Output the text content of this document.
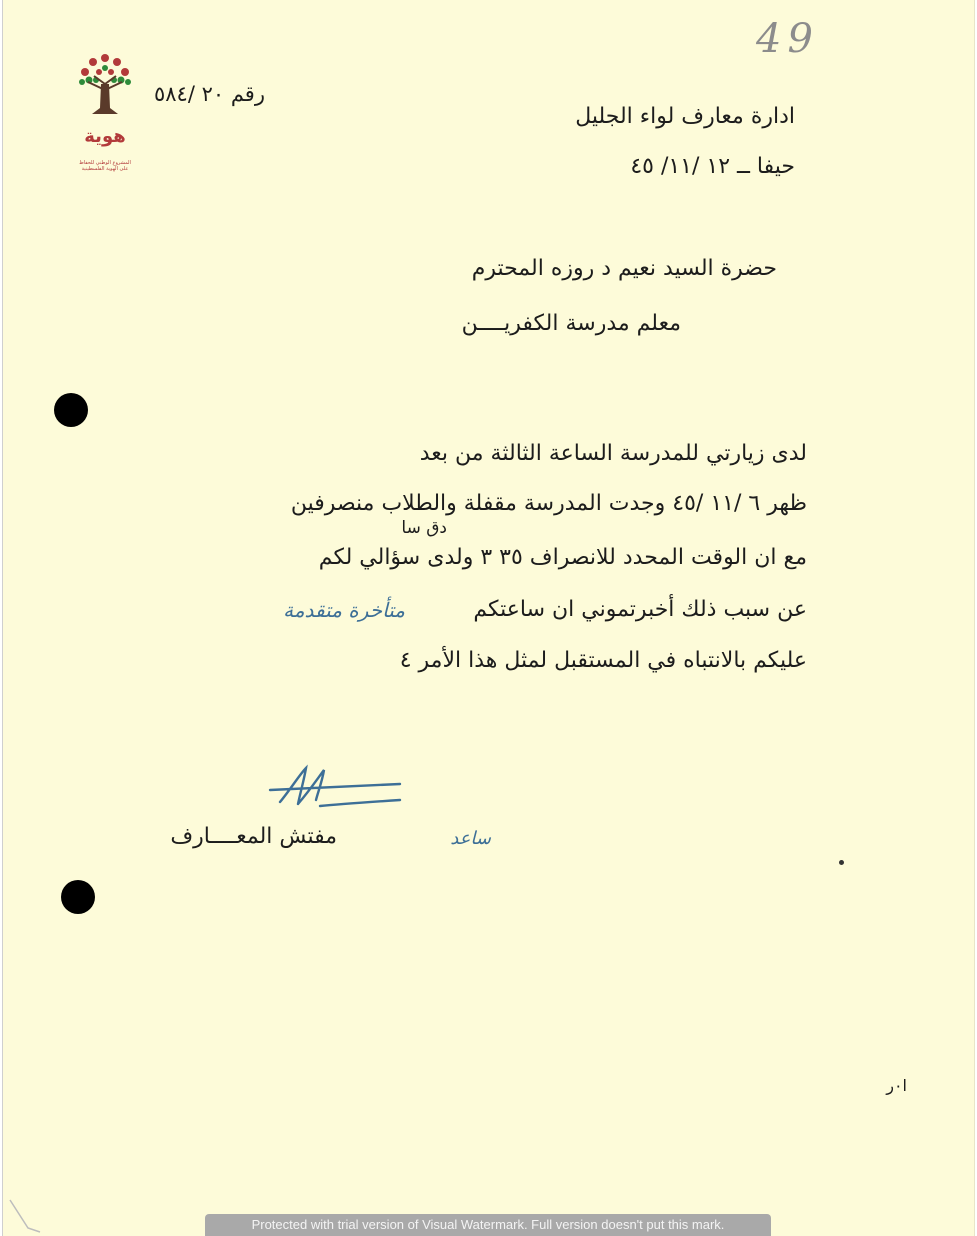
49
هوية
المشروع الوطني للحفاظ على الهوية الفلسطينية
رقم ٢٠ /٥٨٤
ادارة معارف لواء الجليل
حيفا ــ ١٢ /١١/ ٤٥
حضرة السيد نعيم د روزه المحترم
معلم مدرسة الكفريــــن
لدى زيارتي للمدرسة الساعة الثالثة من بعد
ظهر ٦ /١١ /٤٥ وجدت المدرسة مقفلة والطلاب منصرفين
دق سا
مع ان الوقت المحدد للانصراف ٣٥ ٣ ولدى سؤالي لكم
عن سبب ذلك أخبرتموني ان ساعتكم
متأخرة متقدمة
عليكم بالانتباه في المستقبل لمثل هذا الأمر ٤
ساعد
مفتش المعــــارف
ا٠ر
Protected with trial version of Visual Watermark. Full version doesn't put this mark.
